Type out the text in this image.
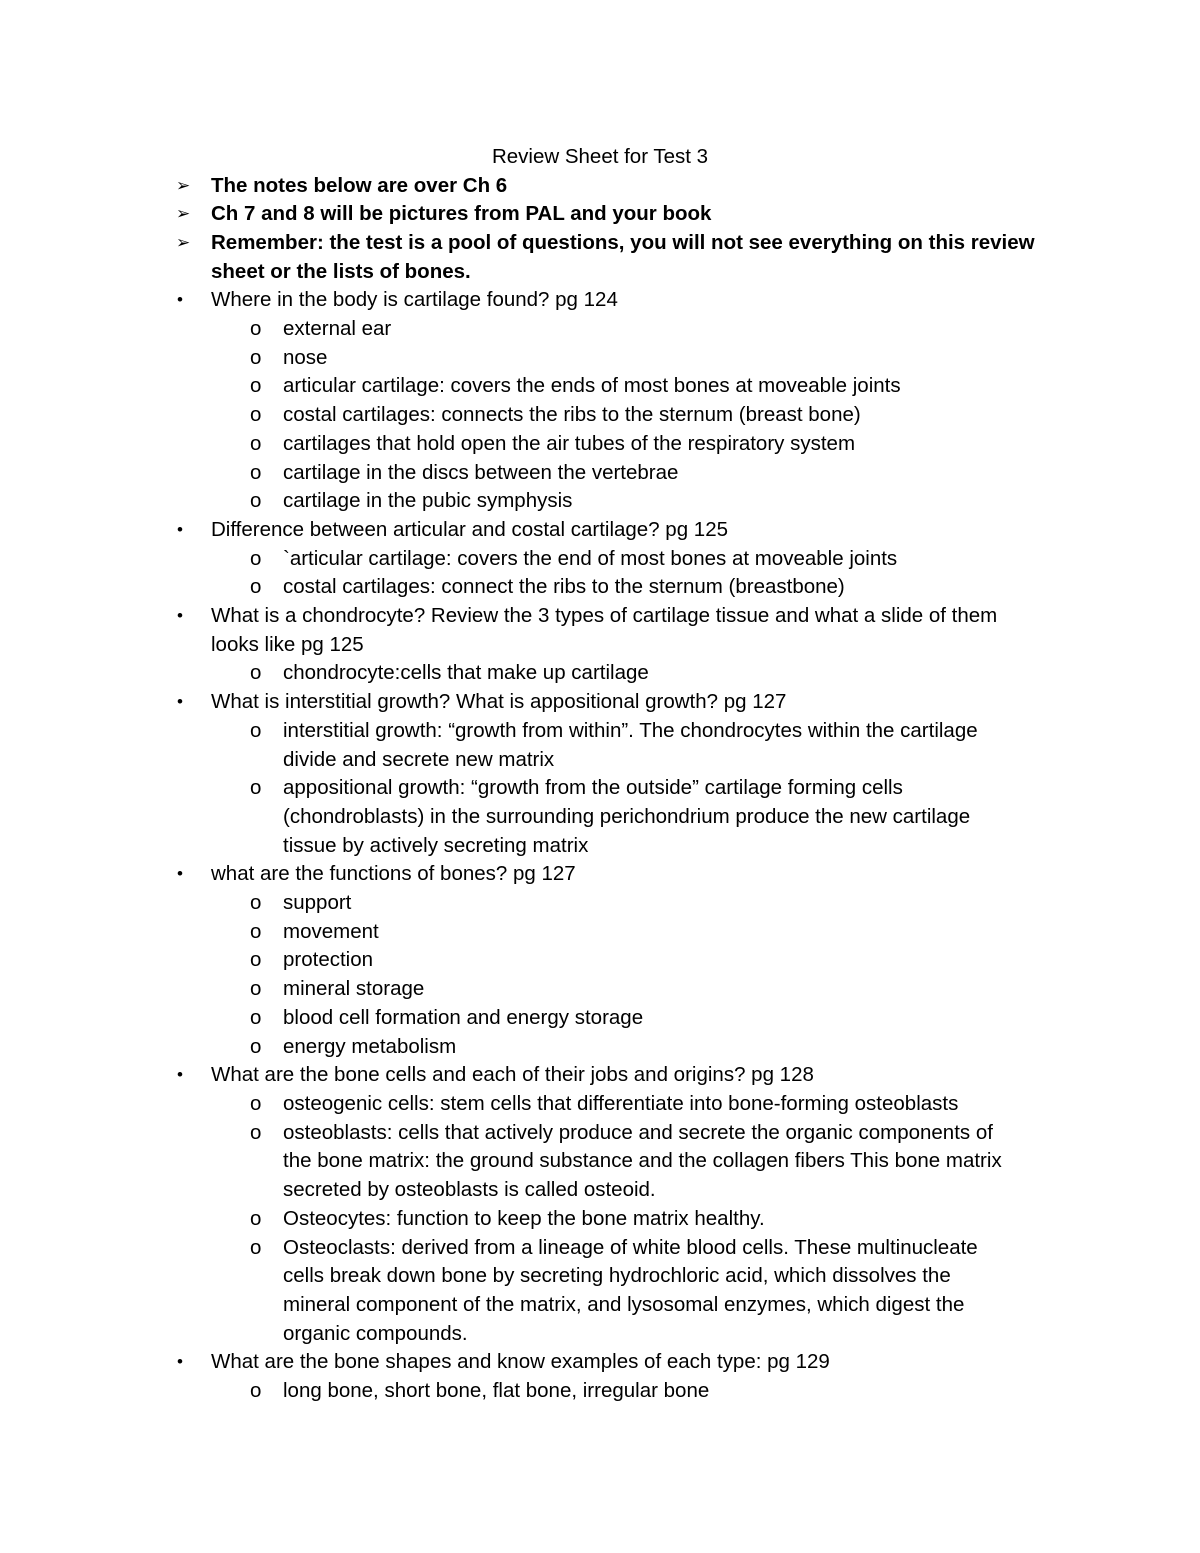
Review Sheet for Test 3
➢ The notes below are over Ch 6
➢ Ch 7 and 8 will be pictures from PAL and your book
➢ Remember: the test is a pool of questions, you will not see everything on this review
sheet or the lists of bones.
• Where in the body is cartilage found? pg 124
o external ear
o nose
o articular cartilage: covers the ends of most bones at moveable joints
o costal cartilages: connects the ribs to the sternum (breast bone)
o cartilages that hold open the air tubes of the respiratory system
o cartilage in the discs between the vertebrae
o cartilage in the pubic symphysis
• Difference between articular and costal cartilage? pg 125
o `articular cartilage: covers the end of most bones at moveable joints
o costal cartilages: connect the ribs to the sternum (breastbone)
• What is a chondrocyte? Review the 3 types of cartilage tissue and what a slide of them
looks like pg 125
o chondrocyte:cells that make up cartilage
• What is interstitial growth? What is appositional growth? pg 127
o interstitial growth: “growth from within”. The chondrocytes within the cartilage
divide and secrete new matrix
o appositional growth: “growth from the outside” cartilage forming cells
(chondroblasts) in the surrounding perichondrium produce the new cartilage
tissue by actively secreting matrix
• what are the functions of bones? pg 127
o support
o movement
o protection
o mineral storage
o blood cell formation and energy storage
o energy metabolism
• What are the bone cells and each of their jobs and origins? pg 128
o osteogenic cells: stem cells that differentiate into bone-forming osteoblasts
o osteoblasts: cells that actively produce and secrete the organic components of
the bone matrix: the ground substance and the collagen fibers This bone matrix
secreted by osteoblasts is called osteoid.
o Osteocytes: function to keep the bone matrix healthy.
o Osteoclasts: derived from a lineage of white blood cells. These multinucleate
cells break down bone by secreting hydrochloric acid, which dissolves the
mineral component of the matrix, and lysosomal enzymes, which digest the
organic compounds.
• What are the bone shapes and know examples of each type: pg 129
o long bone, short bone, flat bone, irregular bone
